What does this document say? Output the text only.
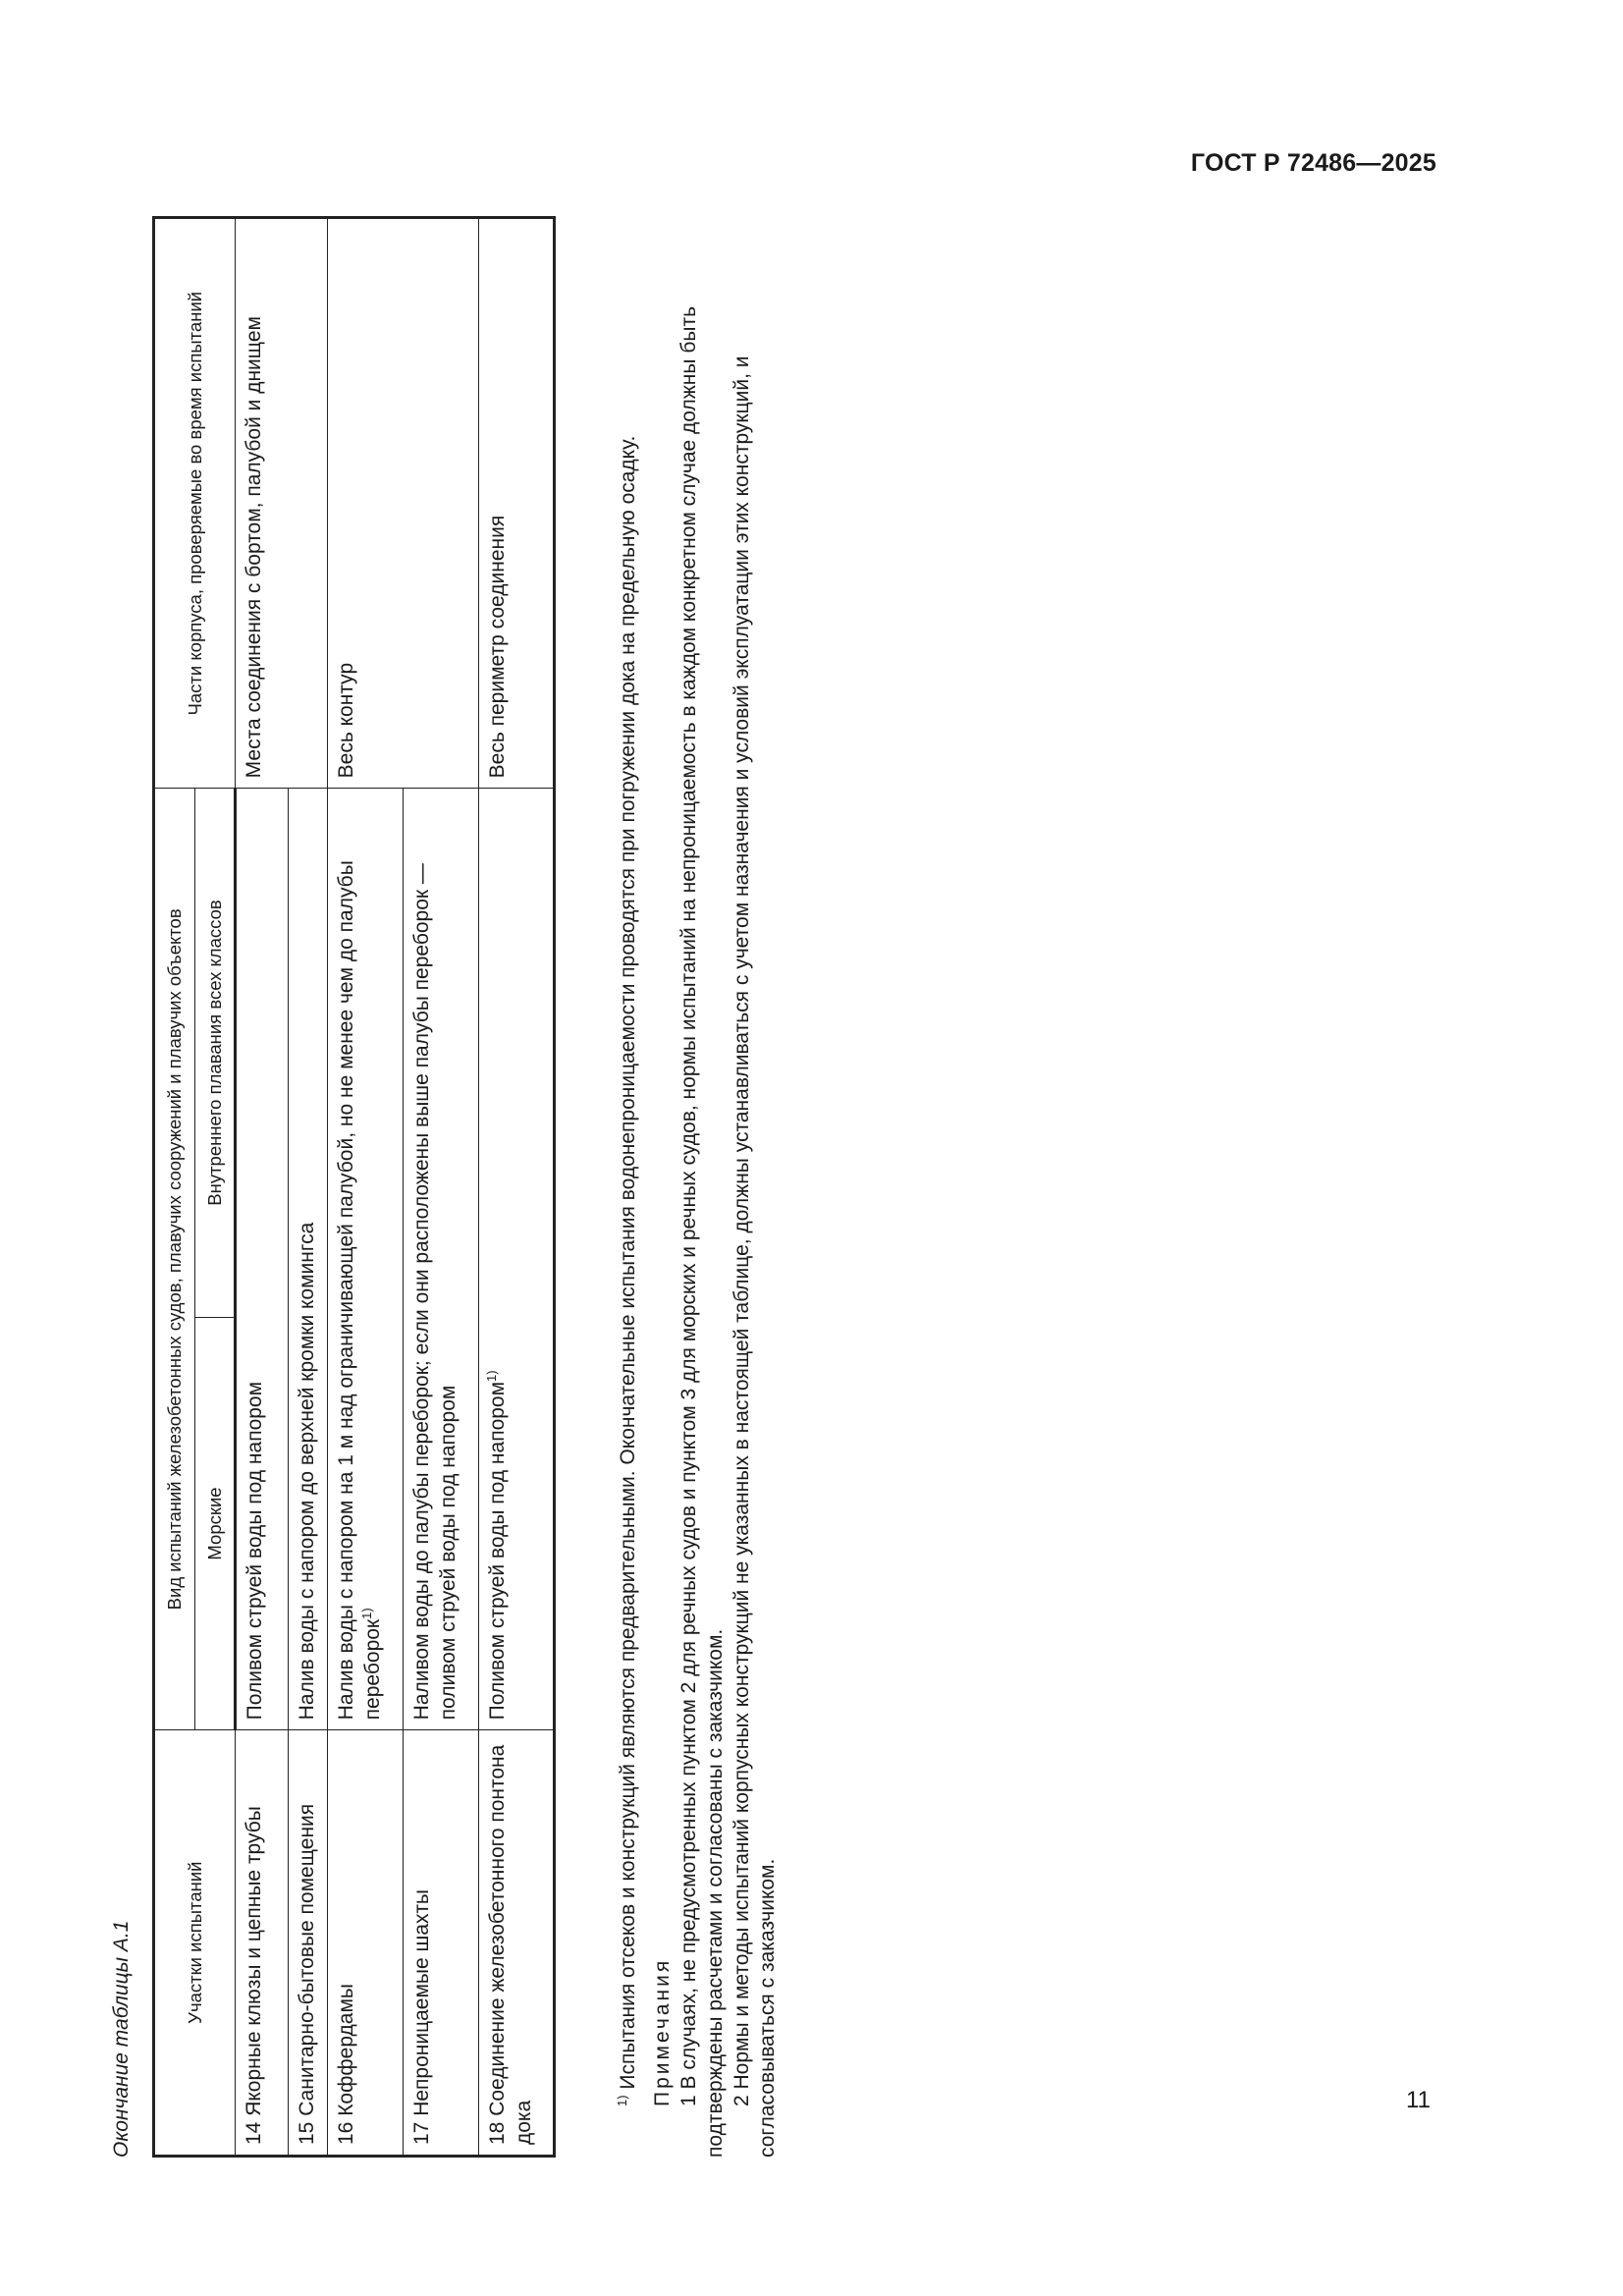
ГОСТ Р 72486—2025
Окончание таблицы А.1	Участки испытаний	Вид испытаний железобетонных судов, плавучих сооружений и плавучих объектов		Части корпуса, проверяемые во время испытаний
	Морские	Внутреннего плавания всех классов	
14 Якорные клюзы и цепные трубы	Поливом струей воды под напором		Места соединения с бортом, палубой и днищем
15 Санитарно-бытовые помещения	Налив воды с напором до верхней кромки комингса		
16 Коффердамы	Налив воды с напором на 1 м над ограничивающей палубой, но не менее чем до палубы переборок$^{1)}$		Весь контур
17 Непроницаемые шахты	Наливом воды до палубы переборок; если они расположены выше палубы переборок — поливом струей воды под напором		
18 Соединение железобетонного понтона дока	Поливом струей воды под напором$^{1)}$		Весь периметр соединения

$^{1)}$ Испытания отсеков и конструкций являются предварительными. Окончательные испытания водонепроницаемости проводятся при погружении дока на предельную осадку. Примечания 1 В случаях, не предусмотренных пунктом 2 для речных судов и пунктом 3 для морских и речных судов, нормы испытаний на непроницаемость в каждом конкретном случае должны быть подтверждены расчетами и согласованы с заказчиком. 2 Нормы и методы испытаний корпусных конструкций не указанных в настоящей таблице, должны устанавливаться с учетом назначения и условий эксплуатации этих конструкций, и согласовываться с заказчиком.	11
